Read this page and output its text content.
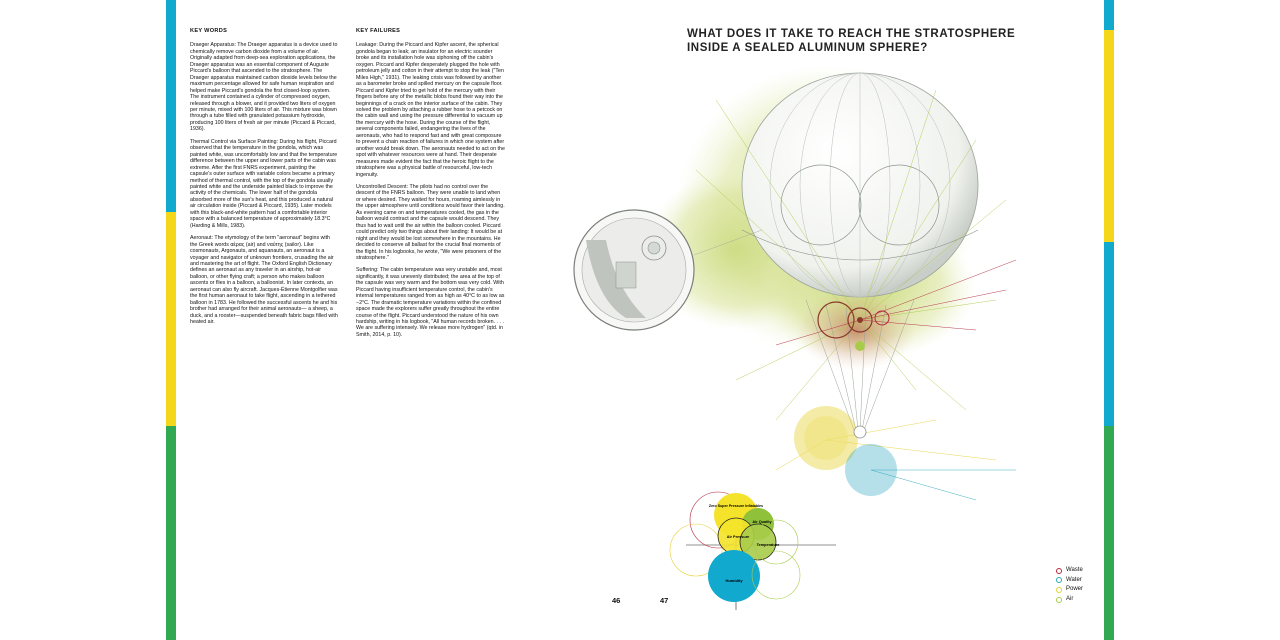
KEY WORDS

Draeger Apparatus: The Draeger apparatus is a device used to chemically remove carbon dioxide from a volume of air. Originally adapted from deep-sea exploration applications, the Draeger apparatus was an essential component of Auguste Piccard's balloon that ascended to the stratosphere. The Draeger apparatus maintained carbon dioxide levels below the maximum percentage allowed for safe human respiration and helped make Piccard's gondola the first closed-loop system. The instrument contained a cylinder of compressed oxygen, released through a blower, and it provided two liters of oxygen per minute, mixed with 100 liters of air. This mixture was blown through a tube filled with granulated potassium hydroxide, producing 100 liters of fresh air per minute (Piccard & Piccard, 1936).

Thermal Control via Surface Painting: During his flight, Piccard observed that the temperature in the gondola, which was painted white, was uncomfortably low and that the temperature difference between the upper and lower parts of the cabin was extreme. After the first FNRS experiment, painting the capsule's outer surface with variable colors became a primary method of thermal control, with the top of the gondola usually painted white and the underside painted black to improve the activity of the chemicals. The lower half of the gondola absorbed more of the sun's heat, and this produced a natural air circulation inside (Piccard & Piccard, 1935). Later models with this black-and-white pattern had a comfortable interior space with a balanced temperature of approximately 18.3°C (Harding & Mills, 1983).

Aeronaut: The etymology of the term "aeronaut" begins with the Greek words αέρας (air) and ναύτης (sailor). Like cosmonauts, Argonauts, and aquanauts, an aeronaut is a voyager and navigator of unknown frontiers, crusading the air and mastering the art of flight. The Oxford English Dictionary defines an aeronaut as any traveler in an airship, hot-air balloon, or other flying craft; a person who makes balloon ascents or flies in a balloon, a balloonist. In later contexts, an aeronaut can also fly aircraft. Jacques-Étienne Montgolfier was the first human aeronaut to take flight, ascending in a tethered balloon in 1783. He followed the successful ascents he and his brother had arranged for their animal aeronauts— a sheep, a duck, and a rooster—suspended beneath fabric bags filled with heated air.

KEY FAILURES

Leakage: During the Piccard and Kipfer ascent, the spherical gondola began to leak; an insulator for an electric sounder broke and its installation hole was siphoning off the cabin's oxygen. Piccard and Kipfer desperately plugged the hole with petroleum jelly and cotton in their attempt to stop the leak ("Ten Miles High," 1931). The leaking crisis was followed by another as a barometer broke and spilled mercury on the capsule floor. Piccard and Kipfer tried to get hold of the mercury with their fingers before any of the metallic blobs found their way into the beginnings of a crack on the interior surface of the cabin. They solved the problem by attaching a rubber hose to a petcock on the cabin wall and using the pressure differential to vacuum up the mercury with the hose. During the course of the flight, several components failed, endangering the lives of the aeronauts, who had to respond fast and with great composure to prevent a chain reaction of failures in which one system after another would break down. The aeronauts needed to act on the spot with whatever resources were at hand. Their desperate measures made evident the fact that the heroic flight to the stratosphere was a physical battle of resourceful, low-tech ingenuity.

Uncontrolled Descent: The pilots had no control over the descent of the FNRS balloon. They were unable to land when or where desired. They waited for hours, roaming aimlessly in the upper atmosphere until conditions would favor their landing. As evening came on and temperatures cooled, the gas in the balloon would contract and the capsule would descend. They thus had to wait until the air within the balloon cooled. Piccard could predict only two things about their landing: It would be at night and they would be lost somewhere in the mountains. He decided to conserve all ballast for the crucial final moments of the flight. In his logbooks, he wrote, "We were prisoners of the stratosphere."

Suffering: The cabin temperature was very unstable and, most significantly, it was unevenly distributed; the area at the top of the capsule was very warm and the bottom was very cold. With Piccard having insufficient temperature control, the cabin's internal temperatures ranged from as high as 40°C to as low as −2°C. The dramatic temperature variations within the confined space made the explorers suffer greatly throughout the entire course of the flight. Piccard understood the nature of his own hardship, writing in his logbook, "All human records broken. . . . We are suffering intensely. We release more hydrogen" (qtd. in Smith, 2014, p. 10).

46
WHAT DOES IT TAKE TO REACH THE STRATOSPHERE
INSIDE A SEALED ALUMINUM SPHERE?
47
Zero Super Pressure Inflatables
Air Quality
Air Pressure
Temperature
Humidity
Waste
Water
Power
Air
